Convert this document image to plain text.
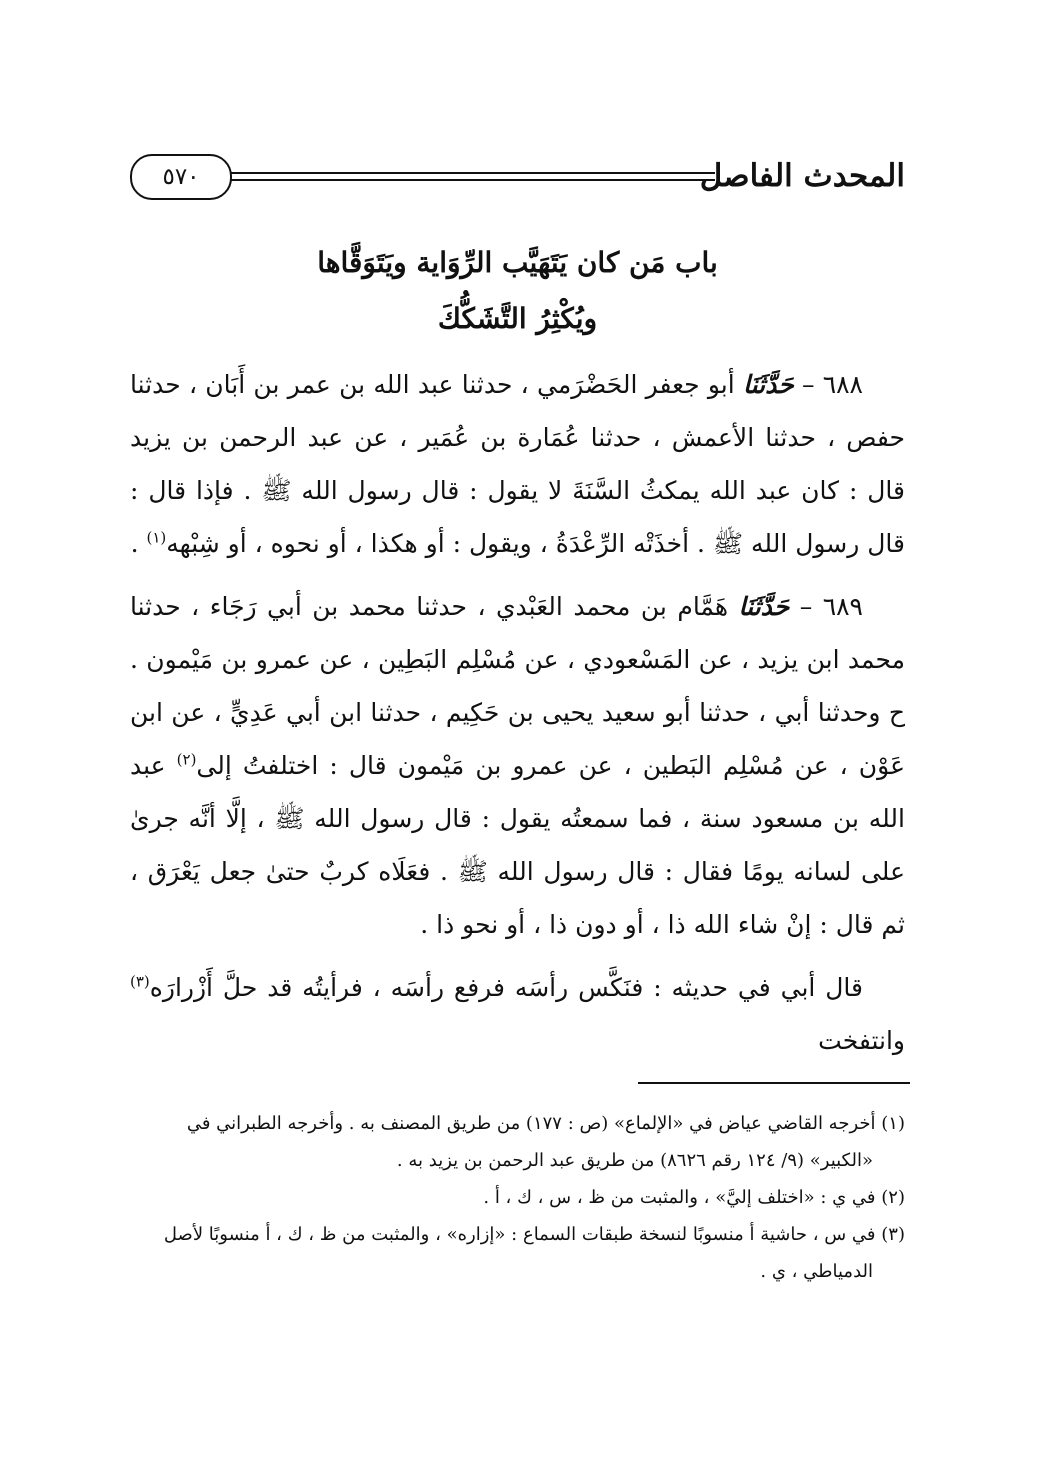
المحدث الفاصل
٥٧٠
باب مَن كان يَتَهَيَّب الرِّوَاية ويَتَوَقَّاها
ويُكْثِرُ التَّشَكُّكَ

٦٨٨ – حَدَّثَنَا أبو جعفر الحَضْرَمي ، حدثنا عبد الله بن عمر بن أَبَان ، حدثنا حفص ، حدثنا الأعمش ، حدثنا عُمَارة بن عُمَير ، عن عبد الرحمن بن يزيد قال : كان عبد الله يمكثُ السَّنَةَ لا يقول : قال رسول الله ﷺ . فإذا قال : قال رسول الله ﷺ . أخذَتْه الرِّعْدَةُ ، ويقول : أو هكذا ، أو نحوه ، أو شِبْهه$^{(١)}$ .

٦٨٩ – حَدَّثَنَا هَمَّام بن محمد العَبْدي ، حدثنا محمد بن أبي رَجَاء ، حدثنا محمد ابن يزيد ، عن المَسْعودي ، عن مُسْلِم البَطِين ، عن عمرو بن مَيْمون . ح وحدثنا أبي ، حدثنا أبو سعيد يحيى بن حَكِيم ، حدثنا ابن أبي عَدِيٍّ ، عن ابن عَوْن ، عن مُسْلِم البَطين ، عن عمرو بن مَيْمون قال : اختلفتُ إلى$^{(٢)}$ عبد الله بن مسعود سنة ، فما سمعتُه يقول : قال رسول الله ﷺ ، إلَّا أنَّه جرىٰ على لسانه يومًا فقال : قال رسول الله ﷺ . فعَلَاه كربٌ حتىٰ جعل يَعْرَق ، ثم قال : إنْ شاء الله ذا ، أو دون ذا ، أو نحو ذا .

قال أبي في حديثه : فنَكَّس رأسَه فرفع رأسَه ، فرأيتُه قد حلَّ أَزْرارَه$^{(٣)}$ وانتفخت

(١) أخرجه القاضي عياض في «الإلماع» (ص : ١٧٧) من طريق المصنف به . وأخرجه الطبراني في
«الكبير» (٩/ ١٢٤ رقم ٨٦٢٦) من طريق عبد الرحمن بن يزيد به .

(٢) في ي : «اختلف إليَّ» ، والمثبت من ظ ، س ، ك ، أ .

(٣) في س ، حاشية أ منسوبًا لنسخة طبقات السماع : «إزاره» ، والمثبت من ظ ، ك ، أ منسوبًا لأصل
الدمياطي ، ي .
